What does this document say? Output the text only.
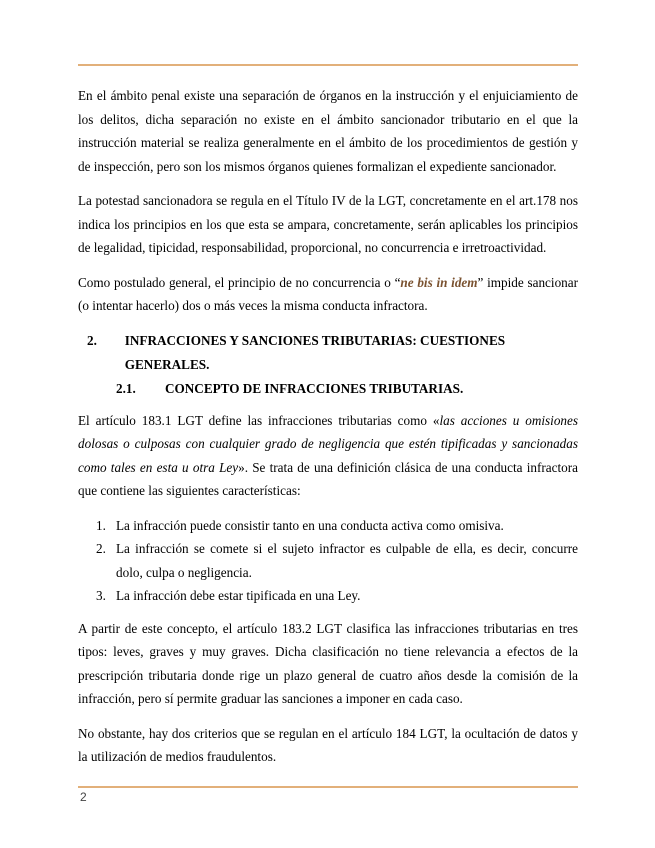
En el ámbito penal existe una separación de órganos en la instrucción y el enjuiciamiento de los delitos, dicha separación no existe en el ámbito sancionador tributario en el que la instrucción material se realiza generalmente en el ámbito de los procedimientos de gestión y de inspección, pero son los mismos órganos quienes formalizan el expediente sancionador.

La potestad sancionadora se regula en el Título IV de la LGT, concretamente en el art.178 nos indica los principios en los que esta se ampara, concretamente, serán aplicables los principios de legalidad, tipicidad, responsabilidad, proporcional, no concurrencia e irretroactividad.

Como postulado general, el principio de no concurrencia o “ne bis in idem” impide sancionar (o intentar hacerlo) dos o más veces la misma conducta infractora.

2.	INFRACCIONES Y SANCIONES TRIBUTARIAS: CUESTIONES GENERALES.
2.1.	CONCEPTO DE INFRACCIONES TRIBUTARIAS.

El artículo 183.1 LGT define las infracciones tributarias como «las acciones u omisiones dolosas o culposas con cualquier grado de negligencia que estén tipificadas y sancionadas como tales en esta u otra Ley». Se trata de una definición clásica de una conducta infractora que contiene las siguientes características:

1. La infracción puede consistir tanto en una conducta activa como omisiva.
2. La infracción se comete si el sujeto infractor es culpable de ella, es decir, concurre dolo, culpa o negligencia.
3. La infracción debe estar tipificada en una Ley.

A partir de este concepto, el artículo 183.2 LGT clasifica las infracciones tributarias en tres tipos: leves, graves y muy graves. Dicha clasificación no tiene relevancia a efectos de la prescripción tributaria donde rige un plazo general de cuatro años desde la comisión de la infracción, pero sí permite graduar las sanciones a imponer en cada caso.

No obstante, hay dos criterios que se regulan en el artículo 184 LGT, la ocultación de datos y la utilización de medios fraudulentos.

2
